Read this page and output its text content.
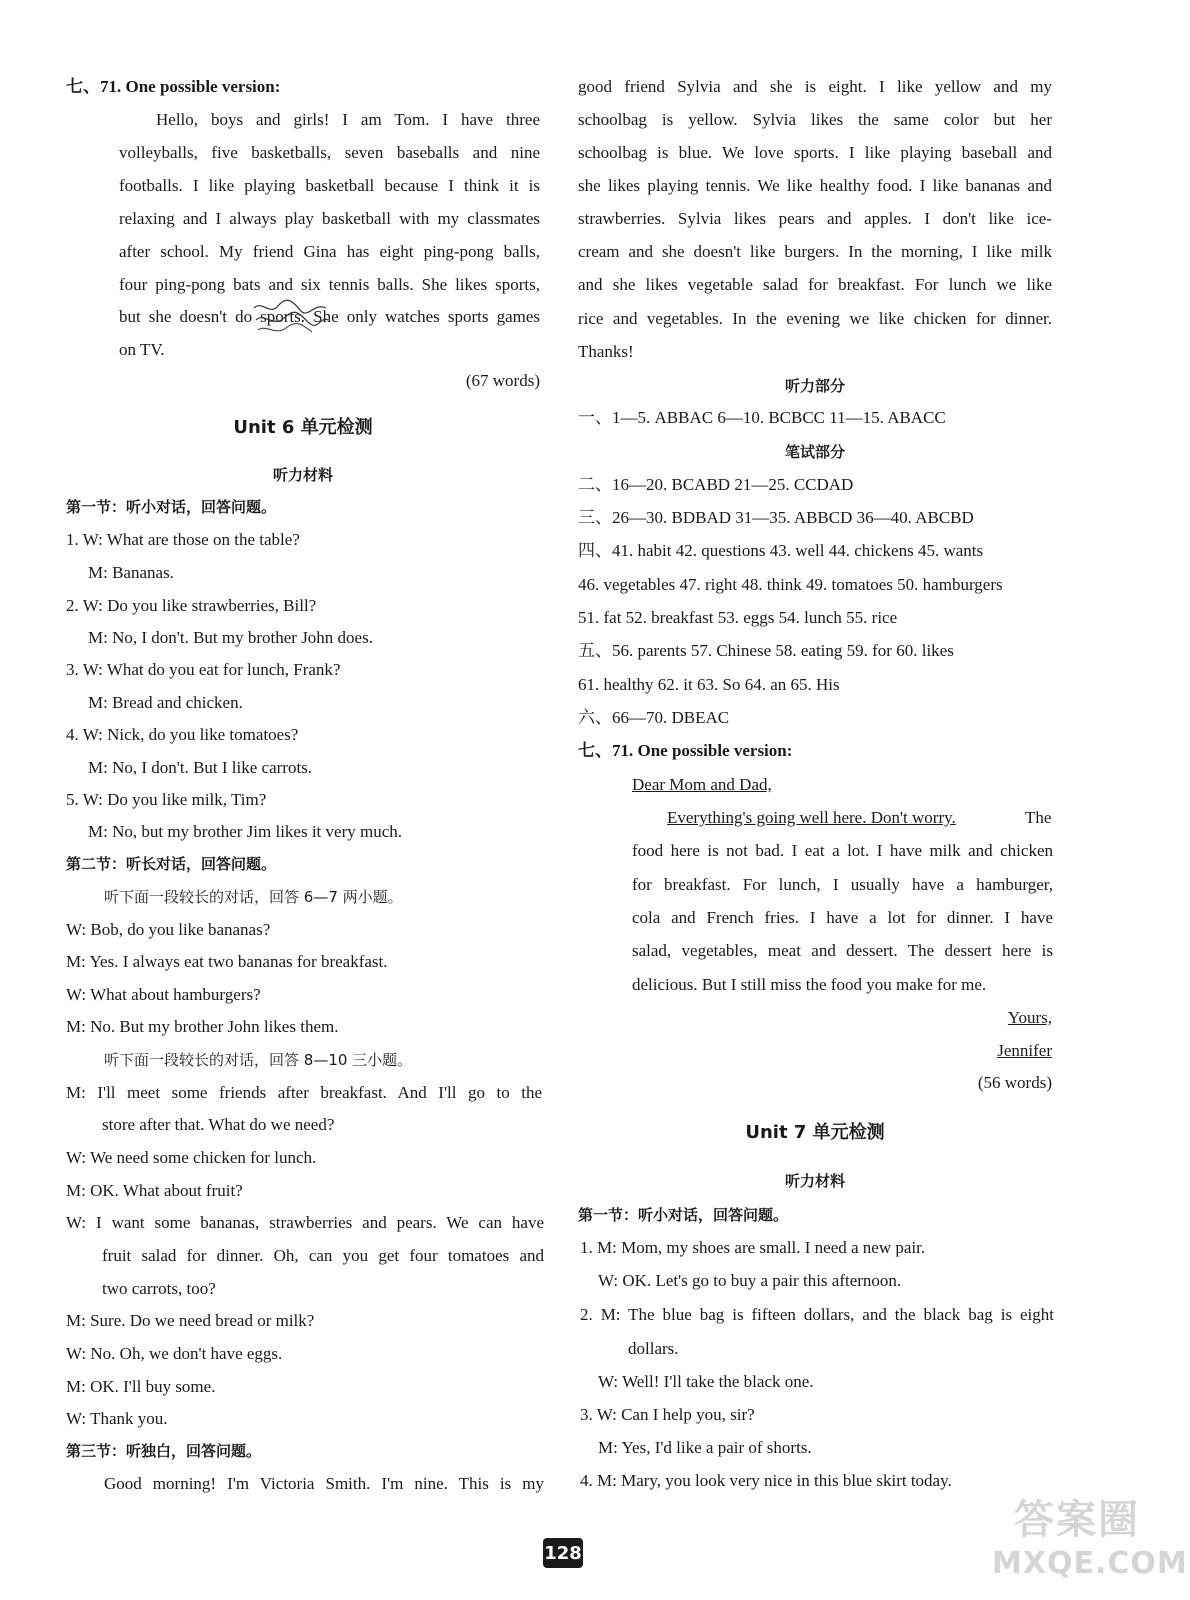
七、71. One possible version:
Hello, boys and girls! I am Tom. I have three
volleyballs, five basketballs, seven baseballs and nine
footballs. I like playing basketball because I think it is
relaxing and I always play basketball with my classmates
after school. My friend Gina has eight ping-pong balls,
four ping-pong bats and six tennis balls. She likes sports,
but she doesn't do sports. She only watches sports games
on TV.
(67 words)
Unit 6 单元检测
听力材料
第一节：听小对话，回答问题。
1. W: What are those on the table?
M: Bananas.
2. W: Do you like strawberries, Bill?
M: No, I don't. But my brother John does.
3. W: What do you eat for lunch, Frank?
M: Bread and chicken.
4. W: Nick, do you like tomatoes?
M: No, I don't. But I like carrots.
5. W: Do you like milk, Tim?
M: No, but my brother Jim likes it very much.
第二节：听长对话，回答问题。
听下面一段较长的对话，回答 6—7 两小题。
W: Bob, do you like bananas?
M: Yes. I always eat two bananas for breakfast.
W: What about hamburgers?
M: No. But my brother John likes them.
听下面一段较长的对话，回答 8—10 三小题。
M: I'll meet some friends after breakfast. And I'll go to the
store after that. What do we need?
W: We need some chicken for lunch.
M: OK. What about fruit?
W: I want some bananas, strawberries and pears. We can have
fruit salad for dinner. Oh, can you get four tomatoes and
two carrots, too?
M: Sure. Do we need bread or milk?
W: No. Oh, we don't have eggs.
M: OK. I'll buy some.
W: Thank you.
第三节：听独白，回答问题。
Good morning! I'm Victoria Smith. I'm nine. This is my
good friend Sylvia and she is eight. I like yellow and my
schoolbag is yellow. Sylvia likes the same color but her
schoolbag is blue. We love sports. I like playing baseball and
she likes playing tennis. We like healthy food. I like bananas and
strawberries. Sylvia likes pears and apples. I don't like ice-
cream and she doesn't like burgers. In the morning, I like milk
and she likes vegetable salad for breakfast. For lunch we like
rice and vegetables. In the evening we like chicken for dinner.
Thanks!
听力部分
一、1—5. ABBAC 6—10. BCBCC 11—15. ABACC
笔试部分
二、16—20. BCABD 21—25. CCDAD
三、26—30. BDBAD 31—35. ABBCD 36—40. ABCBD
四、41. habit 42. questions 43. well 44. chickens 45. wants
46. vegetables 47. right 48. think 49. tomatoes 50. hamburgers
51. fat 52. breakfast 53. eggs 54. lunch 55. rice
五、56. parents 57. Chinese 58. eating 59. for 60. likes
61. healthy 62. it 63. So 64. an 65. His
六、66—70. DBEAC
七、71. One possible version:
Dear Mom and Dad,
Everything's going well here. Don't worry.	The
food here is not bad. I eat a lot. I have milk and chicken
for breakfast. For lunch, I usually have a hamburger,
cola and French fries. I have a lot for dinner. I have
salad, vegetables, meat and dessert. The dessert here is
delicious. But I still miss the food you make for me.
Yours,
Jennifer
(56 words)
Unit 7 单元检测
听力材料
第一节：听小对话，回答问题。
1. M: Mom, my shoes are small. I need a new pair.
W: OK. Let's go to buy a pair this afternoon.
2. M: The blue bag is fifteen dollars, and the black bag is eight
dollars.
W: Well! I'll take the black one.
3. W: Can I help you, sir?
M: Yes, I'd like a pair of shorts.
4. M: Mary, you look very nice in this blue skirt today.
128
答案圈
MXQE.COM
